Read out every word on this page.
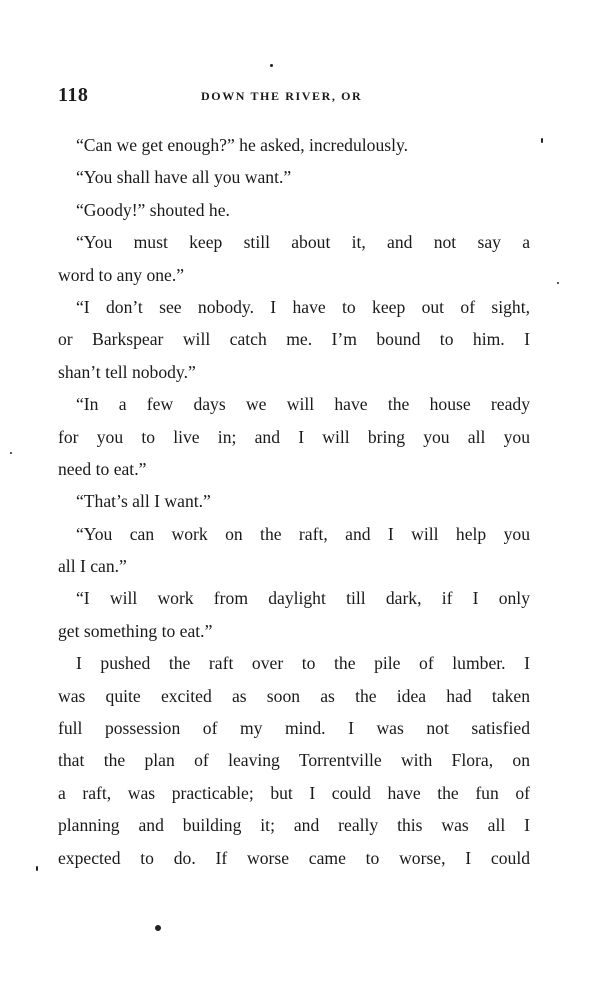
118	DOWN THE RIVER, OR
“Can we get enough?” he asked, incredulously.
“You shall have all you want.”
“Goody!” shouted he.
“You must keep still about it, and not say a
word to any one.”
“I don’t see nobody. I have to keep out of sight,
or Barkspear will catch me. I’m bound to him. I
shan’t tell nobody.”
“In a few days we will have the house ready
for you to live in; and I will bring you all you
need to eat.”
“That’s all I want.”
“You can work on the raft, and I will help you
all I can.”
“I will work from daylight till dark, if I only
get something to eat.”
I pushed the raft over to the pile of lumber. I
was quite excited as soon as the idea had taken
full possession of my mind. I was not satisfied
that the plan of leaving Torrentville with Flora, on
a raft, was practicable; but I could have the fun of
planning and building it; and really this was all I
expected to do. If worse came to worse, I could
